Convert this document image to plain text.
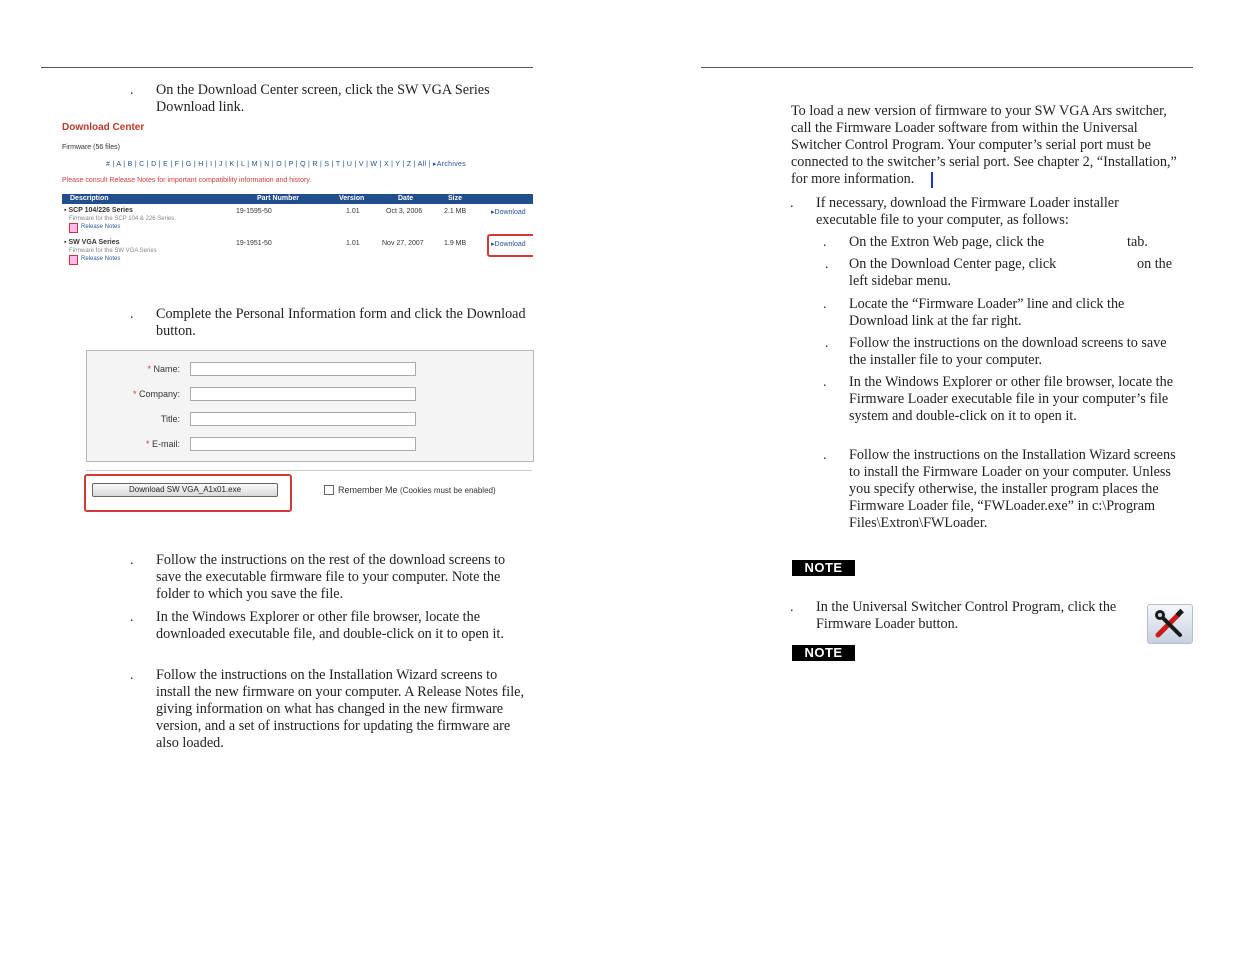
. On the Download Center screen, click the SW VGA Series Download link.
Download Center
Firmware (56 files)
# | A | B | C | D | E | F | G | H | I | J | K | L | M | N | O | P | Q | R | S | T | U | V | W | X | Y | Z | All | ▸Archives
Please consult Release Notes for important compatibility information and history.
Description	Part Number	Version	Date	Size
▪ SCP 104/226 Series
Firmware for the SCP 104 & 226 Series.
Release Notes
19-1595-50	1.01	Oct 3, 2006	2.1 MB	▸Download
▪ SW VGA Series
Firmware for the SW VGA Series
Release Notes
19-1951-50	1.01	Nov 27, 2007	1.9 MB	▸Download
. Complete the Personal Information form and click the Download button.
* Name:
* Company:
Title:
* E-mail:
Download SW VGA_A1x01.exe	Remember Me (Cookies must be enabled)
. Follow the instructions on the rest of the download screens to save the executable firmware file to your computer. Note the folder to which you save the file.
. In the Windows Explorer or other file browser, locate the downloaded executable file, and double-click on it to open it.
. Follow the instructions on the Installation Wizard screens to install the new firmware on your computer. A Release Notes file, giving information on what has changed in the new firmware version, and a set of instructions for updating the firmware are also loaded.
To load a new version of firmware to your SW VGA Ars switcher, call the Firmware Loader software from within the Universal Switcher Control Program. Your computer’s serial port must be connected to the switcher’s serial port. See chapter 2, “Installation,” for more information.
. If necessary, download the Firmware Loader installer executable file to your computer, as follows:
. On the Extron Web page, click the	tab.
. On the Download Center page, click	on the
left sidebar menu.
. Locate the “Firmware Loader” line and click the Download link at the far right.
. Follow the instructions on the download screens to save the installer file to your computer.
. In the Windows Explorer or other file browser, locate the Firmware Loader executable file in your computer’s file system and double-click on it to open it.
. Follow the instructions on the Installation Wizard screens to install the Firmware Loader on your computer. Unless you specify otherwise, the installer program places the Firmware Loader file, “FWLoader.exe” in c:\Program Files\Extron\FWLoader.
NOTE
. In the Universal Switcher Control Program, click the Firmware Loader button.
NOTE
